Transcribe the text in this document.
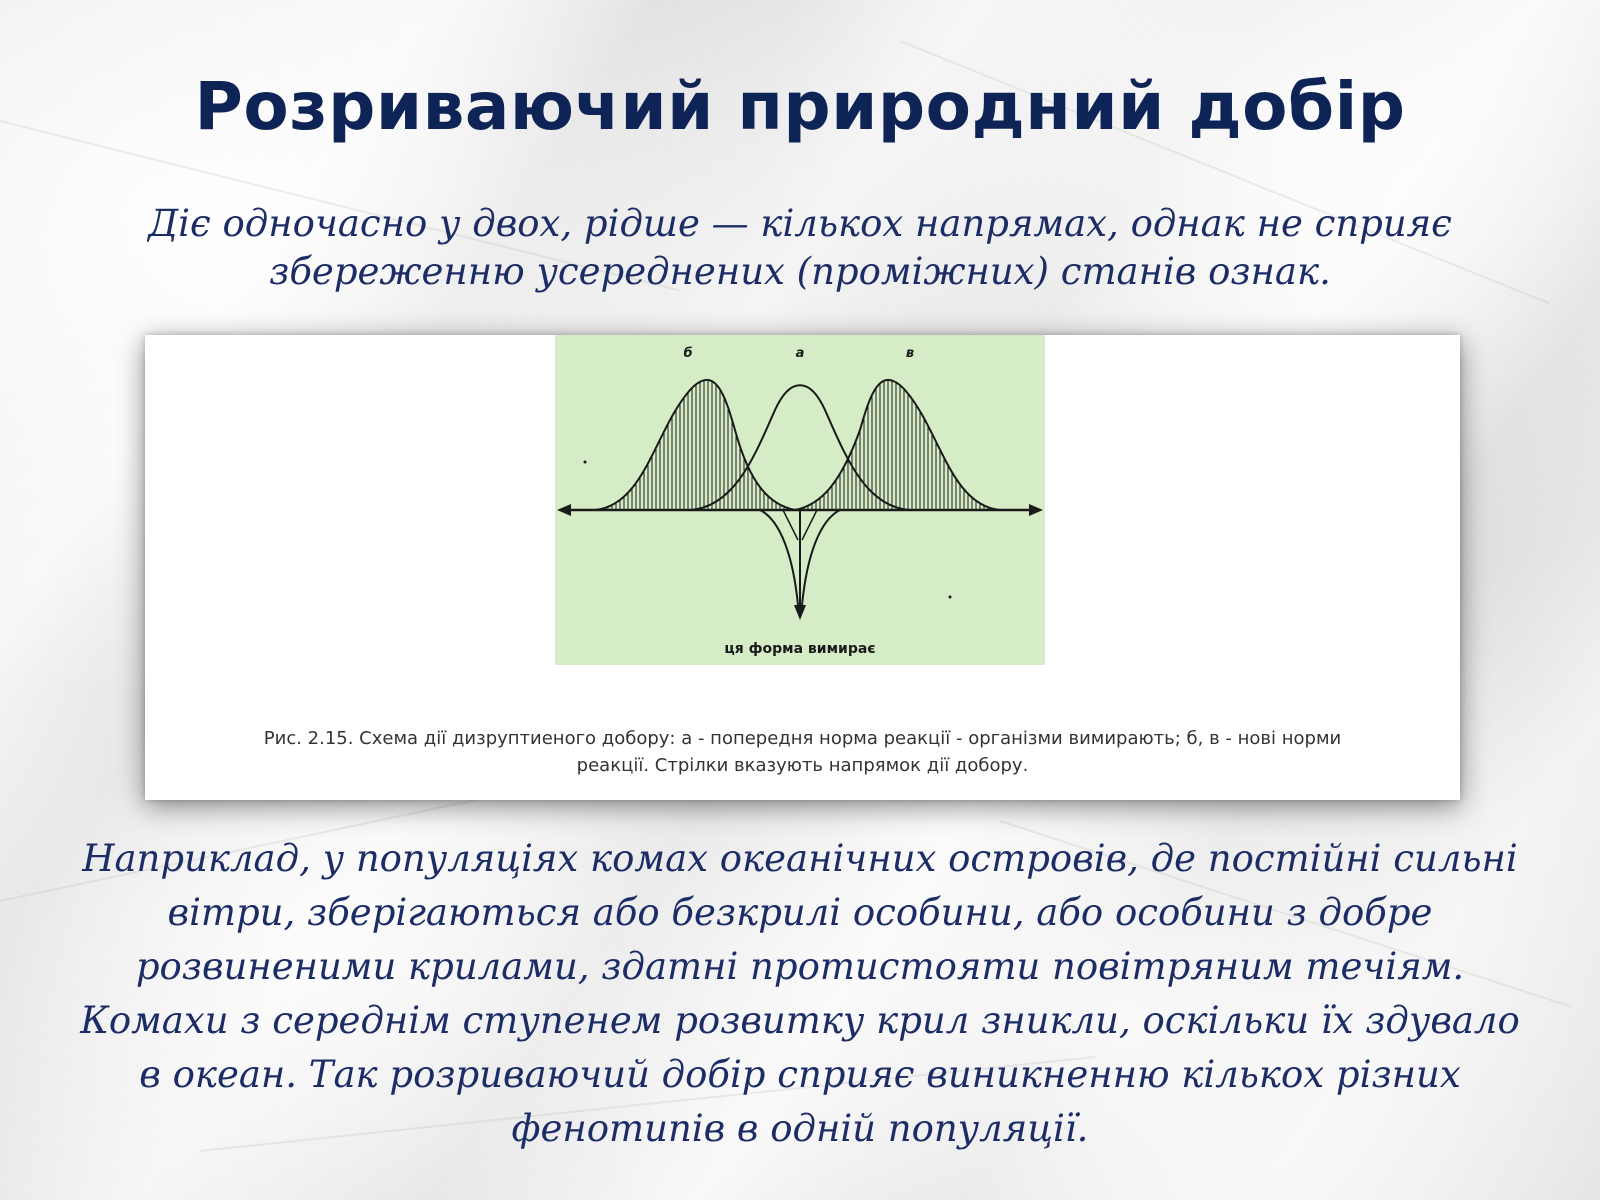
Розриваючий природний добір
Діє одночасно у двох, рідше — кількох напрямах, однак не сприяє
збереженню усереднених (проміжних) станів ознак.
б	а	в
ця форма вимирає
Рис. 2.15. Схема дії дизруптиеного добору: а - попередня норма реакції - організми вимирають; б, в - нові норми
реакції. Стрілки вказують напрямок дії добору.
Наприклад, у популяціях комах океанічних островів, де постійні сильні
вітри, зберігаються або безкрилі особини, або особини з добре
розвиненими крилами, здатні протистояти повітряним течіям.
Комахи з середнім ступенем розвитку крил зникли, оскільки їх здувало
в океан. Так розриваючий добір сприяє виникненню кількох різних
фенотипів в одній популяції.
